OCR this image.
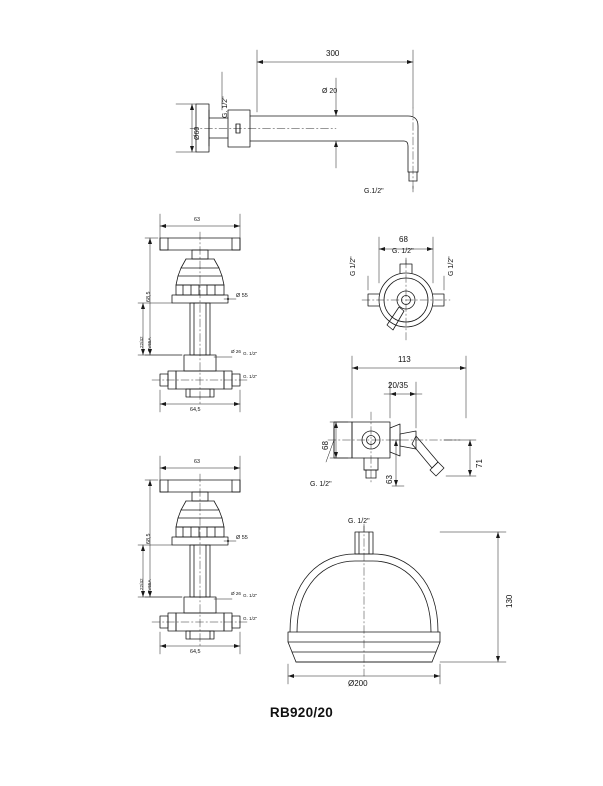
300
Ø 20
Ø60
G. 1/2"
G.1/2"
63
68,5	Ø 55
22/42 CV65A	Ø 26 G. 1/2"
G. 1/2"
64,5
63
68,5	Ø 55
22/42 CV65A	Ø 26 G. 1/2"
G. 1/2"
64,5
68
G 1/2"
G. 1/2"
G 1/2"
113
20/35
68
63
71
G. 1/2"
G. 1/2"
130
Ø200
RB920/20
